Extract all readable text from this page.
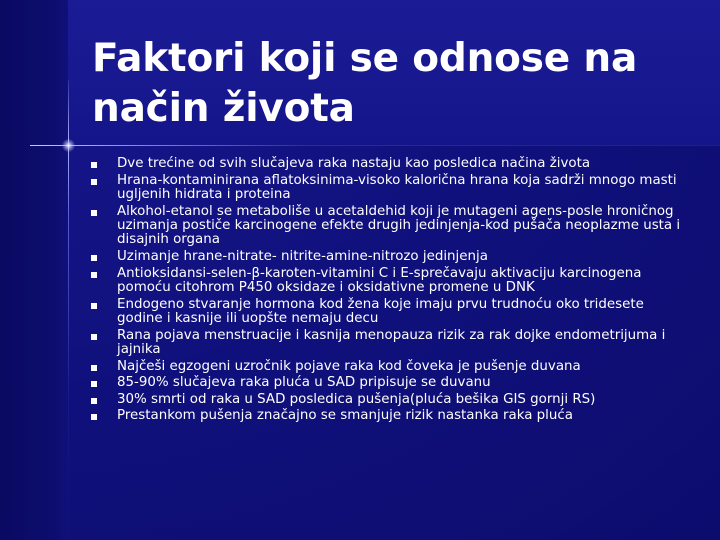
Faktori koji se odnose na način života
Dve trećine od svih slučajeva raka nastaju kao posledica načina života
Hrana-kontaminirana aflatoksinima-visoko kalorična hrana koja sadrži mnogo masti ugljenih hidrata i proteina
Alkohol-etanol se metaboliše u acetaldehid koji je mutageni agens-posle hroničnog uzimanja postiče karcinogene efekte drugih jedinjenja-kod pušača neoplazme usta i disajnih organa
Uzimanje hrane-nitrate- nitrite-amine-nitrozo jedinjenja
Antioksidansi-selen-β-karoten-vitamini C i E-sprečavaju aktivaciju karcinogena pomoću citohrom P450 oksidaze i oksidativne promene u DNK
Endogeno stvaranje hormona kod žena koje imaju prvu trudnoću oko tridesete godine i kasnije ili uopšte nemaju decu
Rana pojava menstruacije i kasnija menopauza rizik za rak dojke endometrijuma i jajnika
Najčeši egzogeni uzročnik pojave raka kod čoveka je pušenje duvana
85-90% slučajeva raka pluća u SAD pripisuje se duvanu
30% smrti od raka u SAD posledica pušenja(pluća bešika GIS gornji RS)
Prestankom pušenja značajno se smanjuje rizik nastanka raka pluća
